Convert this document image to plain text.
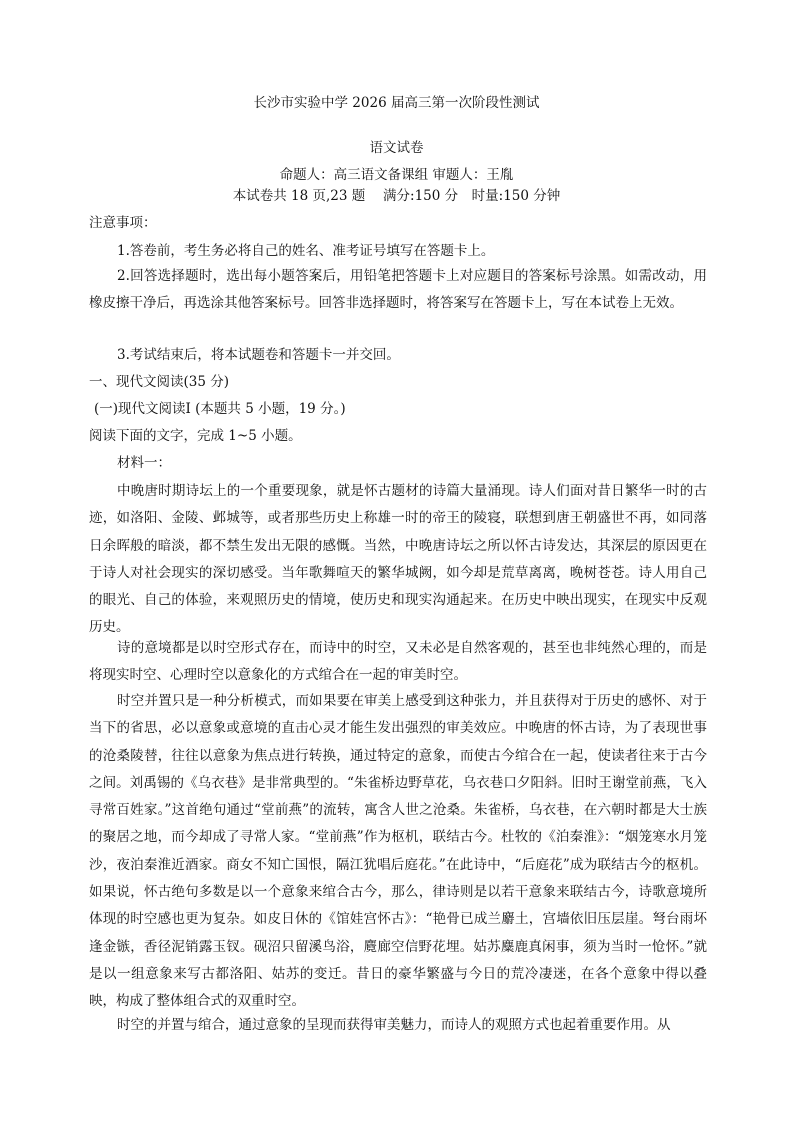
长沙市实验中学 2026 届高三第一次阶段性测试
语文试卷
命题人：高三语文备课组 审题人：王胤
本试卷共 18 页,23 题　 满分:150 分　时量:150 分钟
注意事项：
1.答卷前，考生务必将自己的姓名、准考证号填写在答题卡上。
2.回答选择题时，选出每小题答案后，用铅笔把答题卡上对应题目的答案标号涂黑。如需改动，用橡皮擦干净后，再选涂其他答案标号。回答非选择题时，将答案写在答题卡上，写在本试卷上无效。
3.考试结束后，将本试题卷和答题卡一并交回。
一、现代文阅读(35 分)
(一)现代文阅读Ⅰ (本题共 5 小题，19 分。)
阅读下面的文字，完成 1~5 小题。
材料一：
中晚唐时期诗坛上的一个重要现象，就是怀古题材的诗篇大量涌现。诗人们面对昔日繁华一时的古迹，如洛阳、金陵、邺城等，或者那些历史上称雄一时的帝王的陵寝，联想到唐王朝盛世不再，如同落日余晖般的暗淡，都不禁生发出无限的感慨。当然，中晚唐诗坛之所以怀古诗发达，其深层的原因更在于诗人对社会现实的深切感受。当年歌舞喧天的繁华城阙，如今却是荒草离离，晚树苍苍。诗人用自己的眼光、自己的体验，来观照历史的情境，使历史和现实沟通起来。在历史中映出现实，在现实中反观历史。
诗的意境都是以时空形式存在，而诗中的时空，又未必是自然客观的，甚至也非纯然心理的，而是将现实时空、心理时空以意象化的方式绾合在一起的审美时空。
时空并置只是一种分析模式，而如果要在审美上感受到这种张力，并且获得对于历史的感怀、对于当下的省思，必以意象或意境的直击心灵才能生发出强烈的审美效应。中晚唐的怀古诗，为了表现世事的沧桑陵替，往往以意象为焦点进行转换，通过特定的意象，而使古今绾合在一起，使读者往来于古今之间。刘禹锡的《乌衣巷》是非常典型的。“朱雀桥边野草花，乌衣巷口夕阳斜。旧时王谢堂前燕，飞入寻常百姓家。”这首绝句通过“堂前燕”的流转，寓含人世之沧桑。朱雀桥，乌衣巷，在六朝时都是大士族的聚居之地，而今却成了寻常人家。“堂前燕”作为枢机，联结古今。杜牧的《泊秦淮》：“烟笼寒水月笼沙，夜泊秦淮近酒家。商女不知亡国恨，隔江犹唱后庭花。”在此诗中，“后庭花”成为联结古今的枢机。如果说，怀古绝句多数是以一个意象来绾合古今，那么，律诗则是以若干意象来联结古今，诗歌意境所体现的时空感也更为复杂。如皮日休的《馆娃宫怀古》：“艳骨已成兰麝土，宫墙依旧压层崖。弩台雨坏逢金镞，香径泥销露玉钗。砚沼只留溪鸟浴，麑廊空信野花埋。姑苏麋鹿真闲事，须为当时一怆怀。”就是以一组意象来写古都洛阳、姑苏的变迁。昔日的豪华繁盛与今日的荒冷凄迷，在各个意象中得以叠映，构成了整体组合式的双重时空。
时空的并置与绾合，通过意象的呈现而获得审美魅力，而诗人的观照方式也起着重要作用。从
